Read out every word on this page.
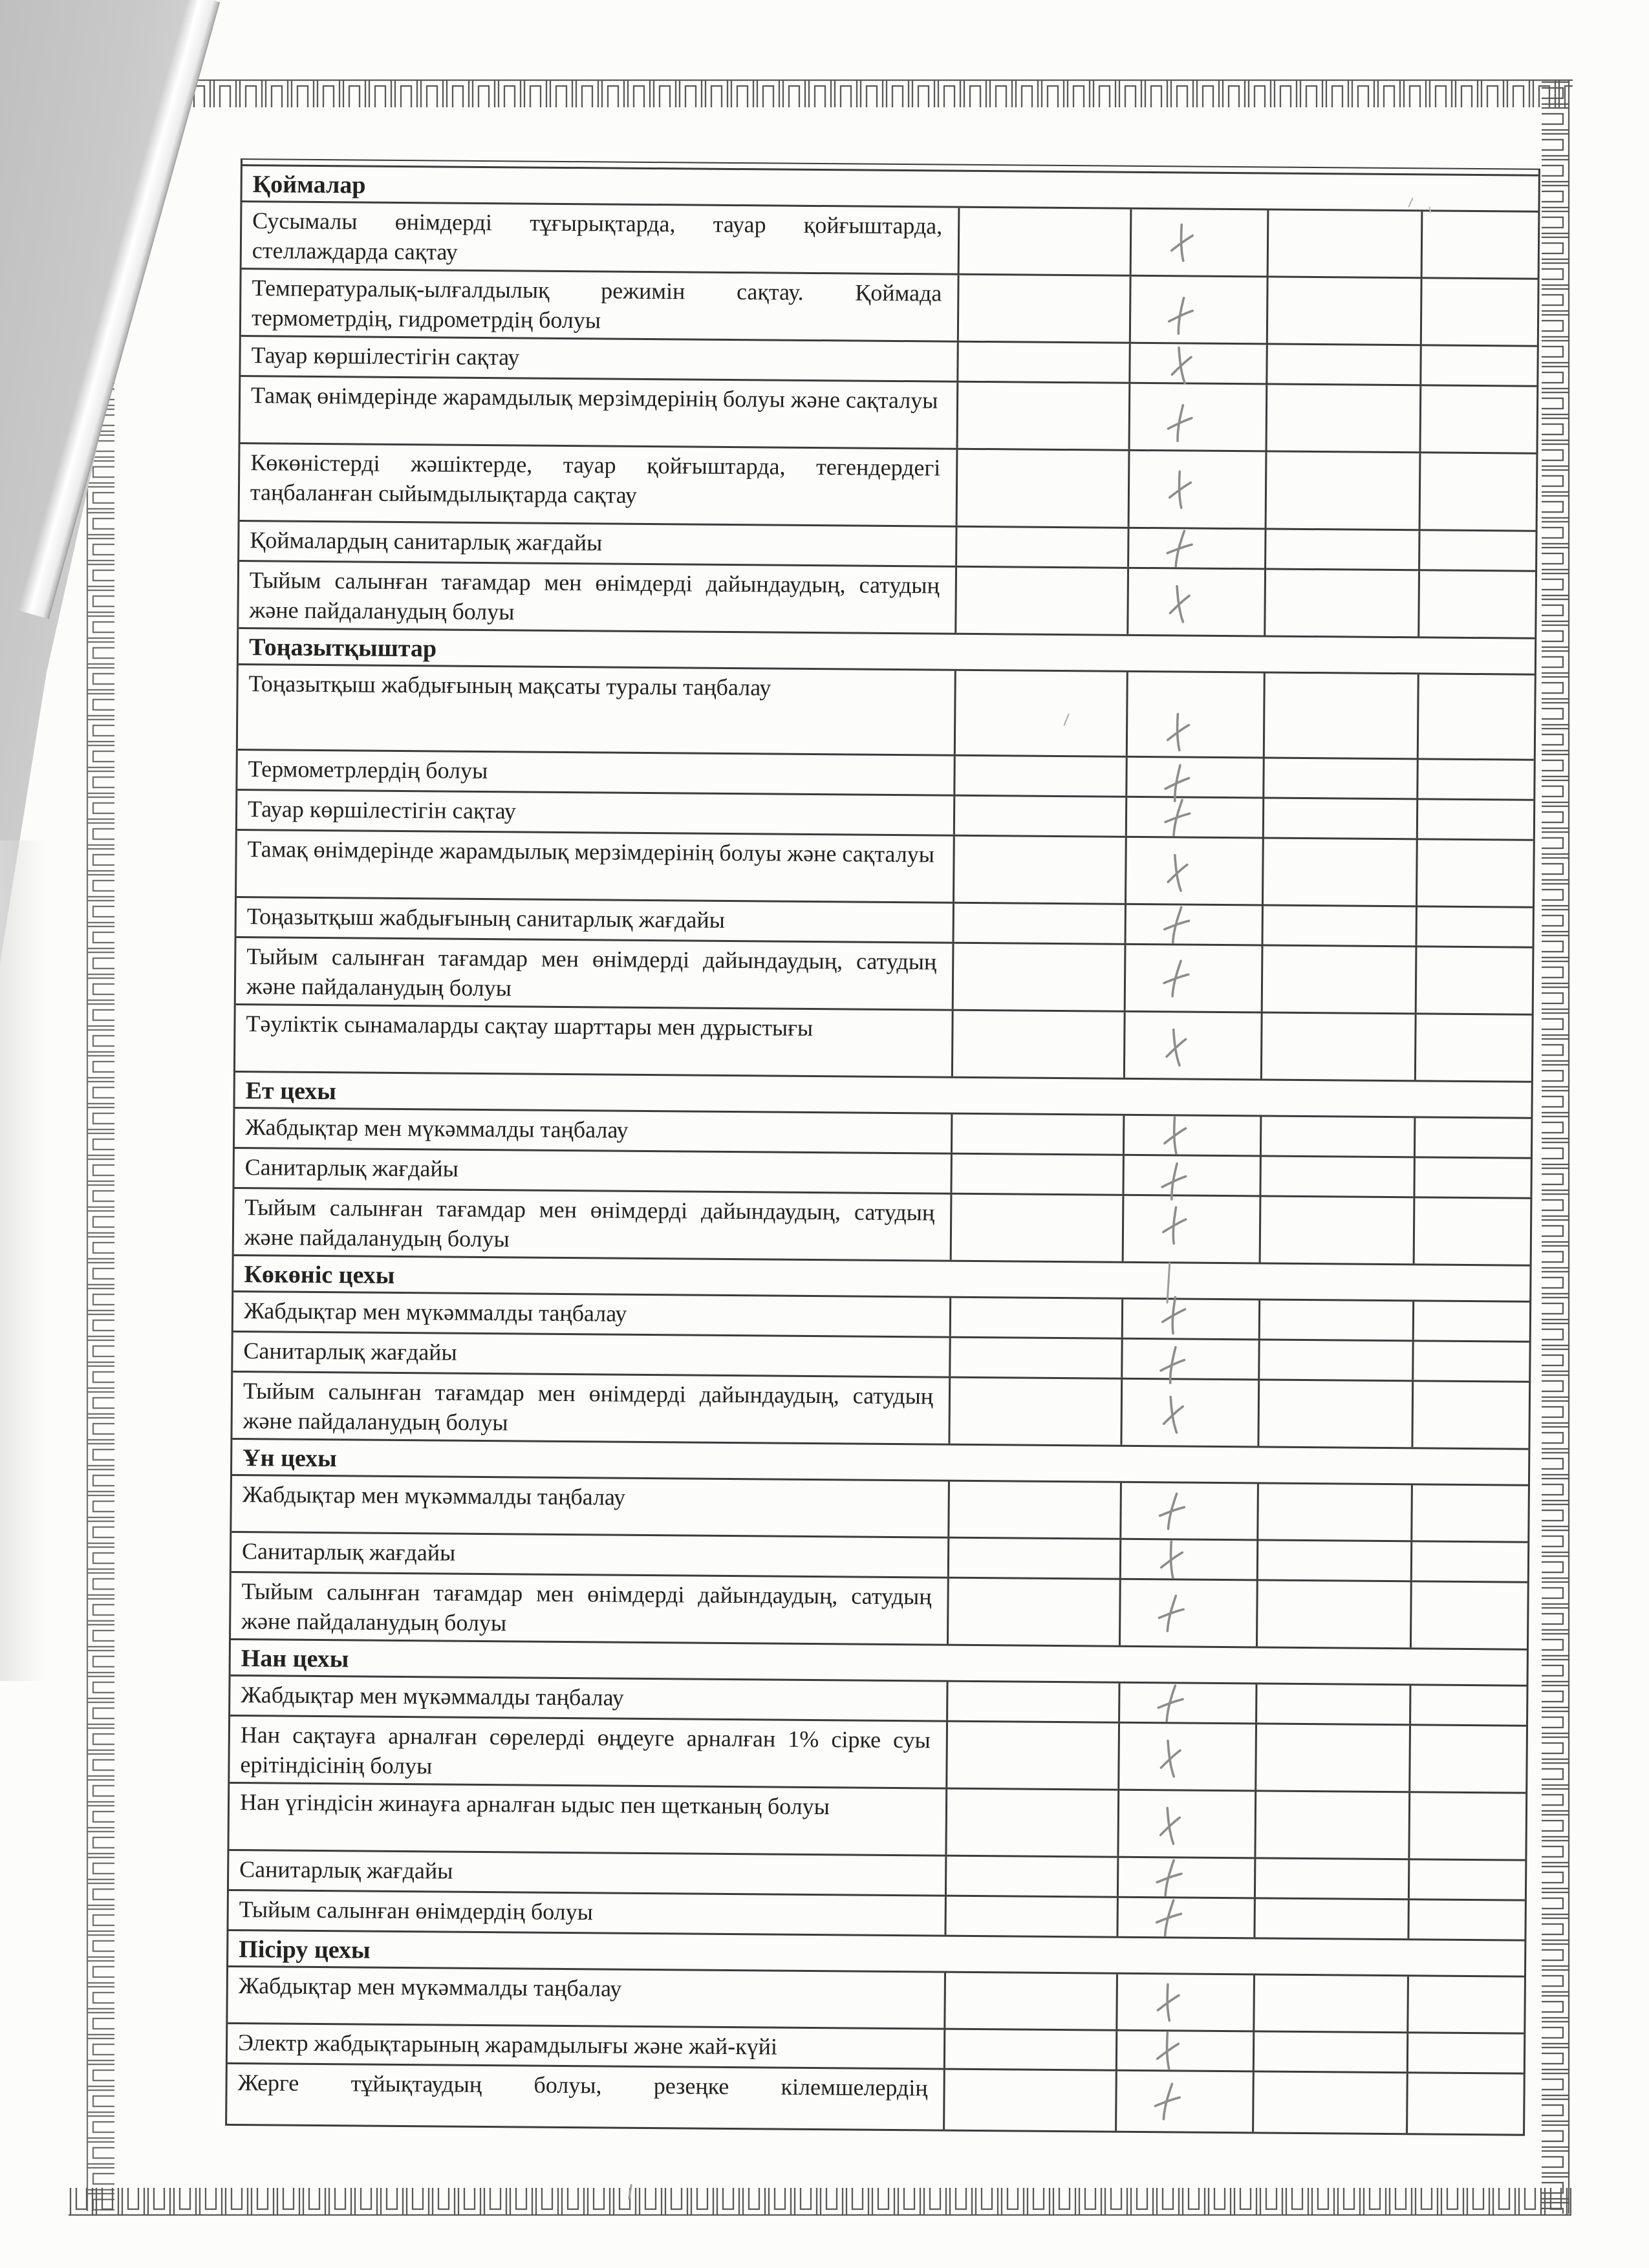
Қоймалар
Сусымалы өнімдерді тұғырықтарда, тауар қойғыштарда, стеллаждарда сақтау
Температуралық-ылғалдылық режимін сақтау. Қоймада термометрдің, гидрометрдің болуы
Тауар көршілестігін сақтау
Тамақ өнімдерінде жарамдылық мерзімдерінің болуы және сақталуы
Көкөністерді жәшіктерде, тауар қойғыштарда, тегендердегі таңбаланған сыйымдылықтарда сақтау
Қоймалардың санитарлық жағдайы
Тыйым салынған тағамдар мен өнімдерді дайындаудың, сатудың және пайдаланудың болуы
Тоңазытқыштар
Тоңазытқыш жабдығының мақсаты туралы таңбалау
Термометрлердің болуы
Тауар көршілестігін сақтау
Тамақ өнімдерінде жарамдылық мерзімдерінің болуы және сақталуы
Тоңазытқыш жабдығының санитарлық жағдайы
Тыйым салынған тағамдар мен өнімдерді дайындаудың, сатудың және пайдаланудың болуы
Тәуліктік сынамаларды сақтау шарттары мен дұрыстығы
Ет цехы
Жабдықтар мен мүкәммалды таңбалау
Санитарлық жағдайы
Тыйым салынған тағамдар мен өнімдерді дайындаудың, сатудың және пайдаланудың болуы
Көкөніс цехы
Жабдықтар мен мүкәммалды таңбалау
Санитарлық жағдайы
Тыйым салынған тағамдар мен өнімдерді дайындаудың, сатудың және пайдаланудың болуы
Ұн цехы
Жабдықтар мен мүкәммалды таңбалау
Санитарлық жағдайы
Тыйым салынған тағамдар мен өнімдерді дайындаудың, сатудың және пайдаланудың болуы
Нан цехы
Жабдықтар мен мүкәммалды таңбалау
Нан сақтауға арналған сөрелерді өңдеуге арналған 1% сірке суы ерітіндісінің болуы
Нан үгіндісін жинауға арналған ыдыс пен щетканың болуы
Санитарлық жағдайы
Тыйым салынған өнімдердің болуы
Пісіру цехы
Жабдықтар мен мүкәммалды таңбалау
Электр жабдықтарының жарамдылығы және жай-күйі
Жерге тұйықтаудың болуы, резеңке кілемшелердің
